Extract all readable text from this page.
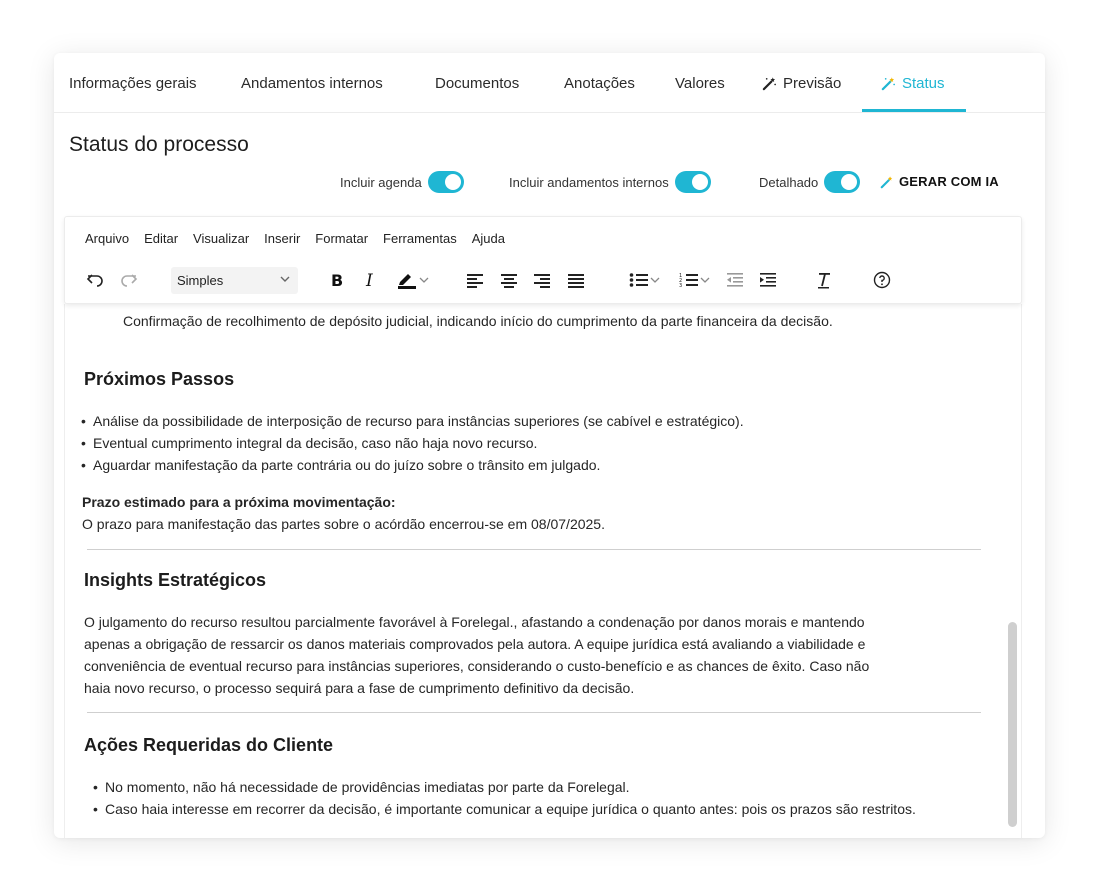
Informações gerais	Andamentos internos	Documentos	Anotações	Valores	Previsão	Status
Status do processo
Incluir agenda	Incluir andamentos internos	Detalhado	GERAR COM IA
Arquivo Editar Visualizar Inserir Formatar Ferramentas Ajuda
Simples	B I	1
2
3

Confirmação de recolhimento de depósito judicial, indicando início do cumprimento da parte financeira da decisão.

Próximos Passos
• Análise da possibilidade de interposição de recurso para instâncias superiores (se cabível e estratégico).
• Eventual cumprimento integral da decisão, caso não haja novo recurso.
• Aguardar manifestação da parte contrária ou do juízo sobre o trânsito em julgado.

Prazo estimado para a próxima movimentação:

O prazo para manifestação das partes sobre o acórdão encerrou-se em 08/07/2025.

Insights Estratégicos
O julgamento do recurso resultou parcialmente favorável à Forelegal., afastando a condenação por danos morais e mantendo
apenas a obrigação de ressarcir os danos materiais comprovados pela autora. A equipe jurídica está avaliando a viabilidade e
conveniência de eventual recurso para instâncias superiores, considerando o custo-benefício e as chances de êxito. Caso não
haia novo recurso, o processo sequirá para a fase de cumprimento definitivo da decisão.
Ações Requeridas do Cliente
• No momento, não há necessidade de providências imediatas por parte da Forelegal.
• Caso haia interesse em recorrer da decisão, é importante comunicar a equipe jurídica o quanto antes: pois os prazos são restritos.
